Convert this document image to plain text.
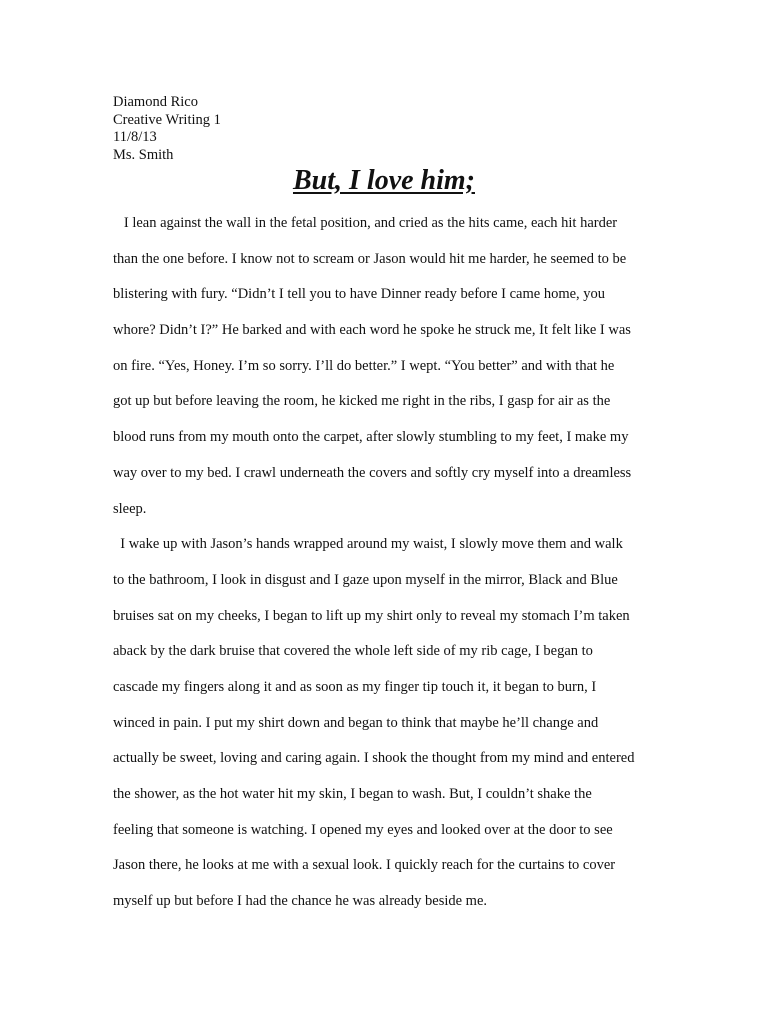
Diamond Rico
Creative Writing 1
11/8/13
Ms. Smith
But, I love him;
I lean against the wall in the fetal position, and cried as the hits came, each hit harder
than the one before. I know not to scream or Jason would hit me harder, he seemed to be
blistering with fury. “Didn’t I tell you to have Dinner ready before I came home, you
whore? Didn’t I?” He barked and with each word he spoke he struck me, It felt like I was
on fire. “Yes, Honey. I’m so sorry. I’ll do better.” I wept. “You better” and with that he
got up but before leaving the room, he kicked me right in the ribs, I gasp for air as the
blood runs from my mouth onto the carpet, after slowly stumbling to my feet, I make my
way over to my bed. I crawl underneath the covers and softly cry myself into a dreamless
sleep.
I wake up with Jason’s hands wrapped around my waist, I slowly move them and walk
to the bathroom, I look in disgust and I gaze upon myself in the mirror, Black and Blue
bruises sat on my cheeks, I began to lift up my shirt only to reveal my stomach I’m taken
aback by the dark bruise that covered the whole left side of my rib cage, I began to
cascade my fingers along it and as soon as my finger tip touch it, it began to burn, I
winced in pain. I put my shirt down and began to think that maybe he’ll change and
actually be sweet, loving and caring again. I shook the thought from my mind and entered
the shower, as the hot water hit my skin, I began to wash. But, I couldn’t shake the
feeling that someone is watching. I opened my eyes and looked over at the door to see
Jason there, he looks at me with a sexual look. I quickly reach for the curtains to cover
myself up but before I had the chance he was already beside me.
